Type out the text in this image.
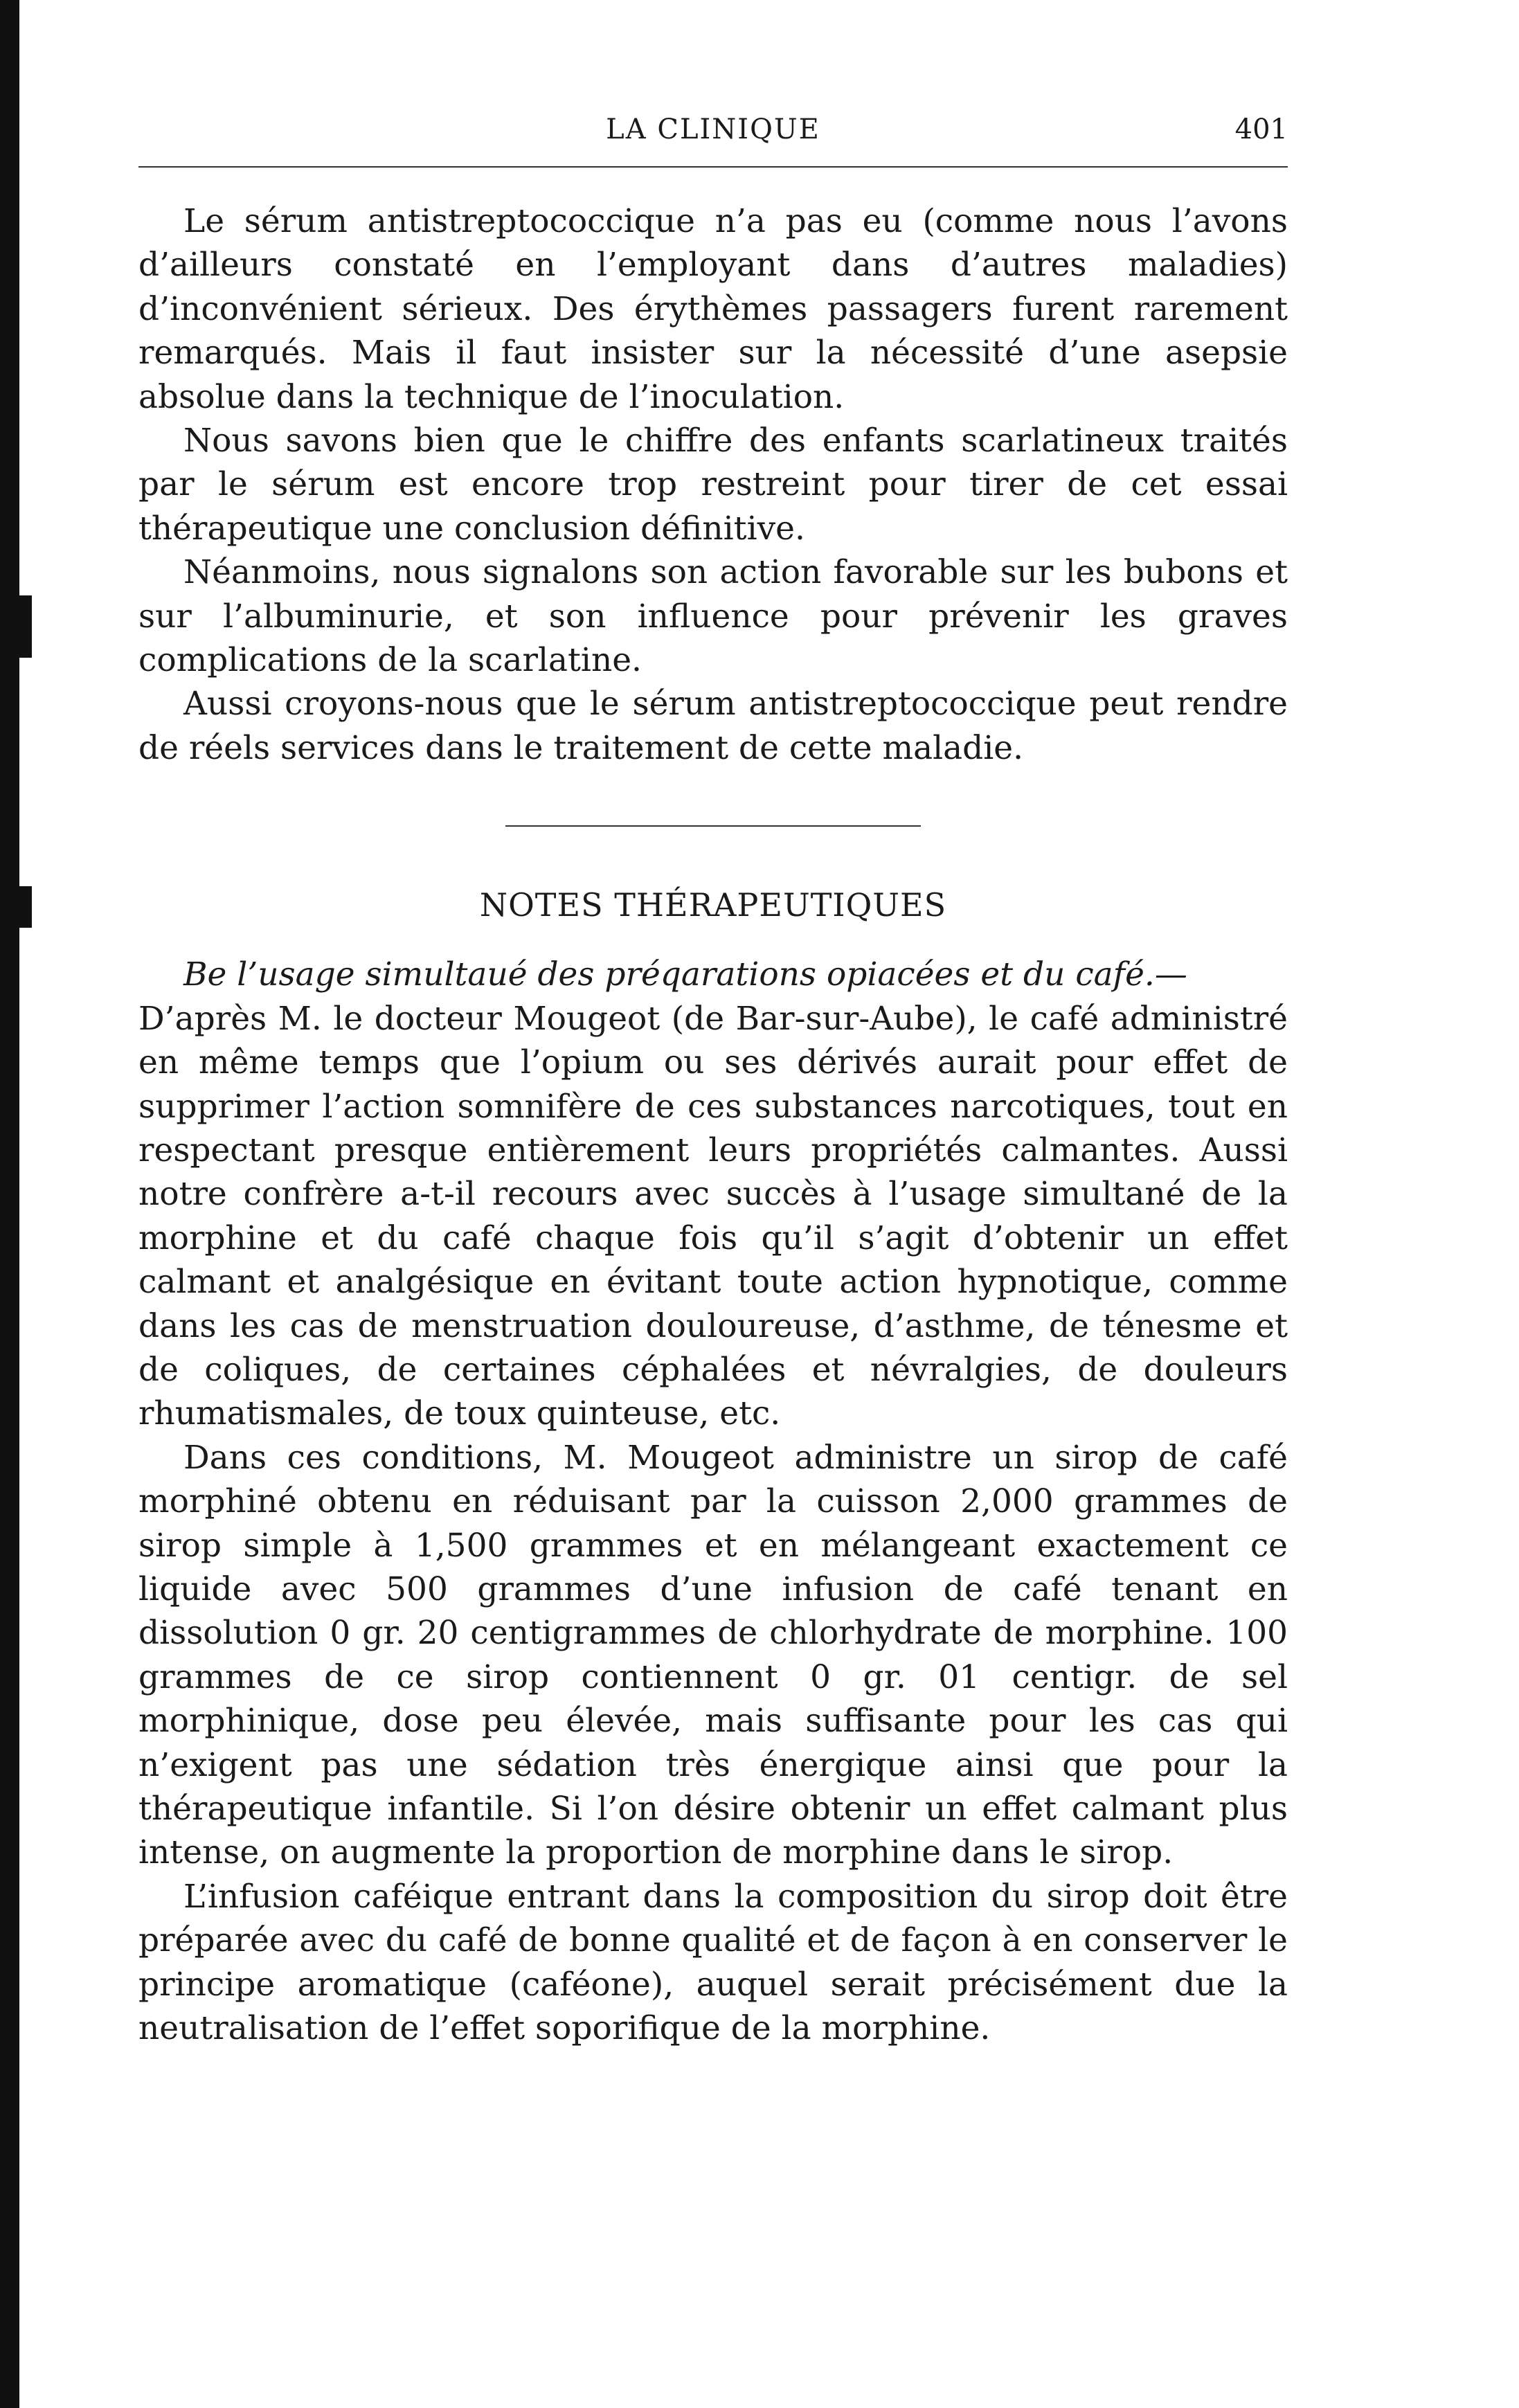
LA CLINIQUE	401

Le sérum antistreptococcique n’a pas eu (comme nous l’avons d’ailleurs constaté en l’employant dans d’autres maladies) d’inconvénient sérieux. Des érythèmes passagers furent rarement remarqués. Mais il faut insister sur la nécessité d’une asepsie absolue dans la technique de l’inoculation.

Nous savons bien que le chiffre des enfants scarlatineux traités par le sérum est encore trop restreint pour tirer de cet essai thérapeutique une conclusion définitive.

Néanmoins, nous signalons son action favorable sur les bubons et sur l’albuminurie, et son influence pour prévenir les graves complications de la scarlatine.

Aussi croyons-nous que le sérum antistreptococcique peut rendre de réels services dans le traitement de cette maladie.

NOTES THÉRAPEUTIQUES

Be l’usage simultaué des préqarations opiacées et du café.—
D’après M. le docteur Mougeot (de Bar-sur-Aube), le café administré en même temps que l’opium ou ses dérivés aurait pour effet de supprimer l’action somnifère de ces substances narcotiques, tout en respectant presque entièrement leurs propriétés calmantes. Aussi notre confrère a-t-il recours avec succès à l’usage simultané de la morphine et du café chaque fois qu’il s’agit d’obtenir un effet calmant et analgésique en évitant toute action hypnotique, comme dans les cas de menstruation douloureuse, d’asthme, de ténesme et de coliques, de certaines céphalées et névralgies, de douleurs rhumatismales, de toux quinteuse, etc.

Dans ces conditions, M. Mougeot administre un sirop de café morphiné obtenu en réduisant par la cuisson 2,000 grammes de sirop simple à 1,500 grammes et en mélangeant exactement ce liquide avec 500 grammes d’une infusion de café tenant en dissolution 0 gr. 20 centigrammes de chlorhydrate de morphine. 100 grammes de ce sirop contiennent 0 gr. 01 centigr. de sel morphinique, dose peu élevée, mais suffisante pour les cas qui n’exigent pas une sédation très énergique ainsi que pour la thérapeutique infantile. Si l’on désire obtenir un effet calmant plus intense, on augmente la proportion de morphine dans le sirop.

L’infusion caféique entrant dans la composition du sirop doit être préparée avec du café de bonne qualité et de façon à en conserver le principe aromatique (caféone), auquel serait précisément due la neutralisation de l’effet soporifique de la morphine.
